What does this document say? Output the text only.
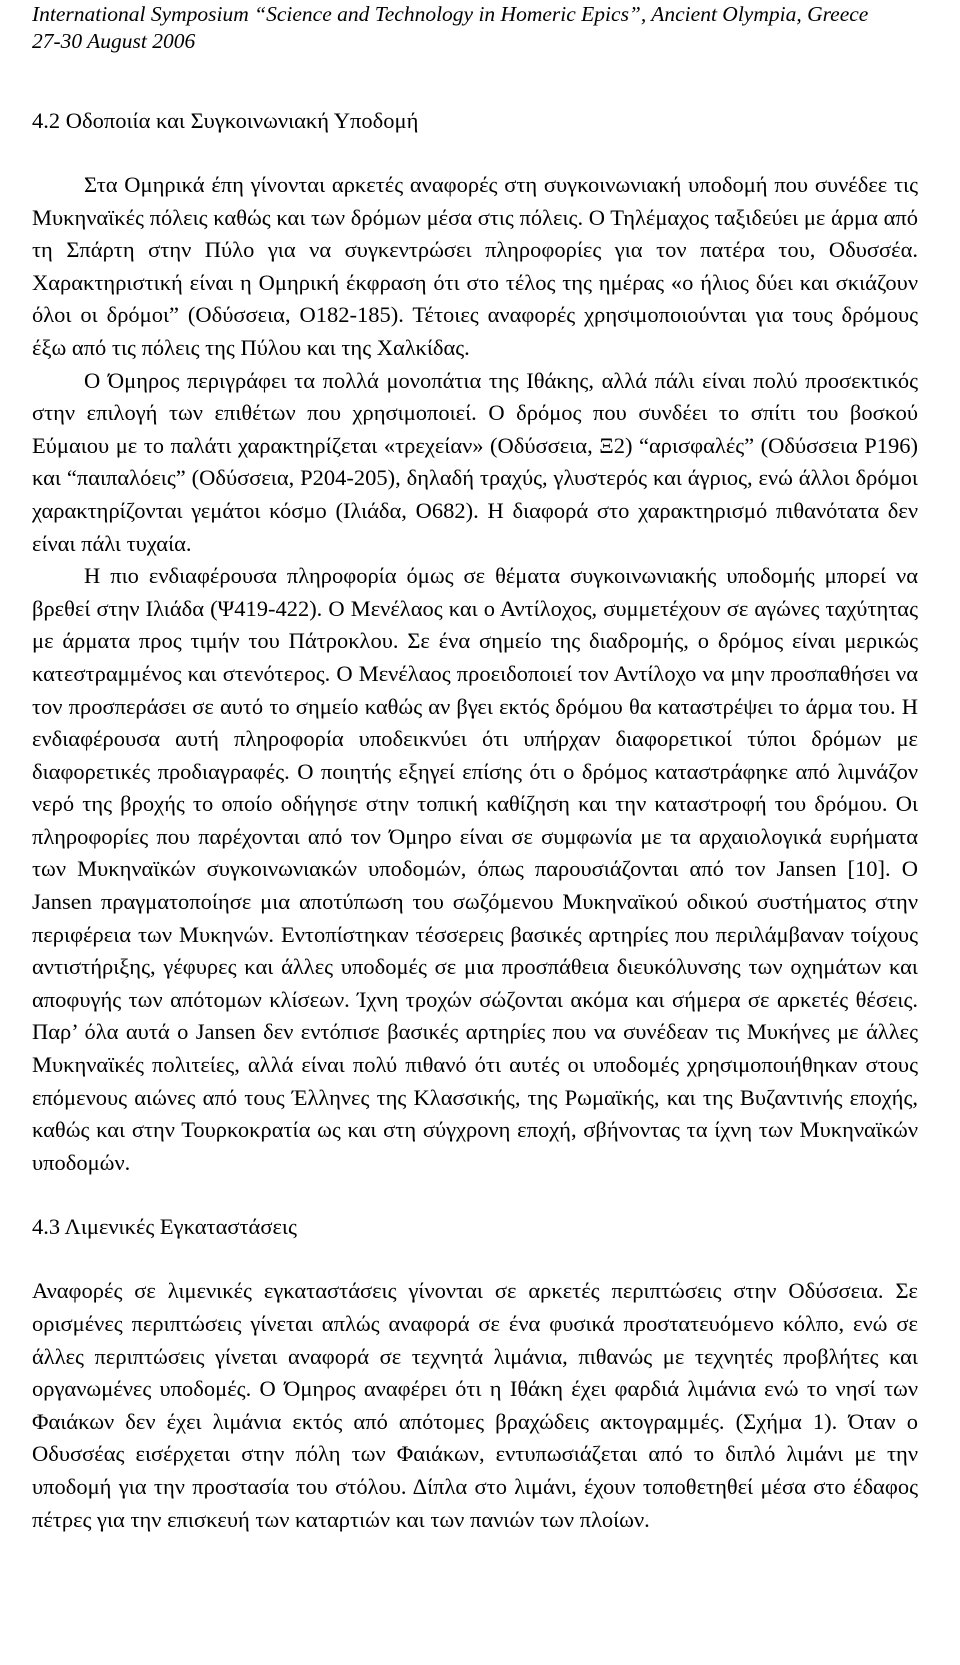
International Symposium “Science and Technology in Homeric Epics”, Ancient Olympia, Greece
27-30 August 2006
4.2 Οδοποιία και Συγκοινωνιακή Υποδομή

Στα Ομηρικά έπη γίνονται αρκετές αναφορές στη συγκοινωνιακή υποδομή που συνέδεε τις Μυκηναϊκές πόλεις καθώς και των δρόμων μέσα στις πόλεις. Ο Τηλέμαχος ταξιδεύει με άρμα από τη Σπάρτη στην Πύλο για να συγκεντρώσει πληροφορίες για τον πατέρα του, Οδυσσέα. Χαρακτηριστική είναι η Ομηρική έκφραση ότι στο τέλος της ημέρας «ο ήλιος δύει και σκιάζουν όλοι οι δρόμοι” (Οδύσσεια, Ο182-185). Τέτοιες αναφορές χρησιμοποιούνται για τους δρόμους έξω από τις πόλεις της Πύλου και της Χαλκίδας.

Ο Όμηρος περιγράφει τα πολλά μονοπάτια της Ιθάκης, αλλά πάλι είναι πολύ προσεκτικός στην επιλογή των επιθέτων που χρησιμοποιεί. Ο δρόμος που συνδέει το σπίτι του βοσκού Εύμαιου με το παλάτι χαρακτηρίζεται «τρεχείαν» (Οδύσσεια, Ξ2) “αρισφαλές” (Οδύσσεια Ρ196) και “παιπαλόεις” (Οδύσσεια, Ρ204-205), δηλαδή τραχύς, γλυστερός και άγριος, ενώ άλλοι δρόμοι χαρακτηρίζονται γεμάτοι κόσμο (Ιλιάδα, Ο682). Η διαφορά στο χαρακτηρισμό πιθανότατα δεν είναι πάλι τυχαία.

Η πιο ενδιαφέρουσα πληροφορία όμως σε θέματα συγκοινωνιακής υποδομής μπορεί να βρεθεί στην Ιλιάδα (Ψ419-422). Ο Μενέλαος και ο Αντίλοχος, συμμετέχουν σε αγώνες ταχύτητας με άρματα προς τιμήν του Πάτροκλου. Σε ένα σημείο της διαδρομής, ο δρόμος είναι μερικώς κατεστραμμένος και στενότερος. Ο Μενέλαος προειδοποιεί τον Αντίλοχο να μην προσπαθήσει να τον προσπεράσει σε αυτό το σημείο καθώς αν βγει εκτός δρόμου θα καταστρέψει το άρμα του. Η ενδιαφέρουσα αυτή πληροφορία υποδεικνύει ότι υπήρχαν διαφορετικοί τύποι δρόμων με διαφορετικές προδιαγραφές. Ο ποιητής εξηγεί επίσης ότι ο δρόμος καταστράφηκε από λιμνάζον νερό της βροχής το οποίο οδήγησε στην τοπική καθίζηση και την καταστροφή του δρόμου. Οι πληροφορίες που παρέχονται από τον Όμηρο είναι σε συμφωνία με τα αρχαιολογικά ευρήματα των Μυκηναϊκών συγκοινωνιακών υποδομών, όπως παρουσιάζονται από τον Jansen [10]. Ο Jansen πραγματοποίησε μια αποτύπωση του σωζόμενου Μυκηναϊκού οδικού συστήματος στην περιφέρεια των Μυκηνών. Εντοπίστηκαν τέσσερεις βασικές αρτηρίες που περιλάμβαναν τοίχους αντιστήριξης, γέφυρες και άλλες υποδομές σε μια προσπάθεια διευκόλυνσης των οχημάτων και αποφυγής των απότομων κλίσεων. Ίχνη τροχών σώζονται ακόμα και σήμερα σε αρκετές θέσεις. Παρ’ όλα αυτά ο Jansen δεν εντόπισε βασικές αρτηρίες που να συνέδεαν τις Μυκήνες με άλλες Μυκηναϊκές πολιτείες, αλλά είναι πολύ πιθανό ότι αυτές οι υποδομές χρησιμοποιήθηκαν στους επόμενους αιώνες από τους Έλληνες της Κλασσικής, της Ρωμαϊκής, και της Βυζαντινής εποχής, καθώς και στην Τουρκοκρατία ως και στη σύγχρονη εποχή, σβήνοντας τα ίχνη των Μυκηναϊκών υποδομών.

4.3 Λιμενικές Εγκαταστάσεις

Αναφορές σε λιμενικές εγκαταστάσεις γίνονται σε αρκετές περιπτώσεις στην Οδύσσεια. Σε ορισμένες περιπτώσεις γίνεται απλώς αναφορά σε ένα φυσικά προστατευόμενο κόλπο, ενώ σε άλλες περιπτώσεις γίνεται αναφορά σε τεχνητά λιμάνια, πιθανώς με τεχνητές προβλήτες και οργανωμένες υποδομές. Ο Όμηρος αναφέρει ότι η Ιθάκη έχει φαρδιά λιμάνια ενώ το νησί των Φαιάκων δεν έχει λιμάνια εκτός από απότομες βραχώδεις ακτογραμμές. (Σχήμα 1). Όταν ο Οδυσσέας εισέρχεται στην πόλη των Φαιάκων, εντυπωσιάζεται από το διπλό λιμάνι με την υποδομή για την προστασία του στόλου. Δίπλα στο λιμάνι, έχουν τοποθετηθεί μέσα στο έδαφος πέτρες για την επισκευή των καταρτιών και των πανιών των πλοίων.
